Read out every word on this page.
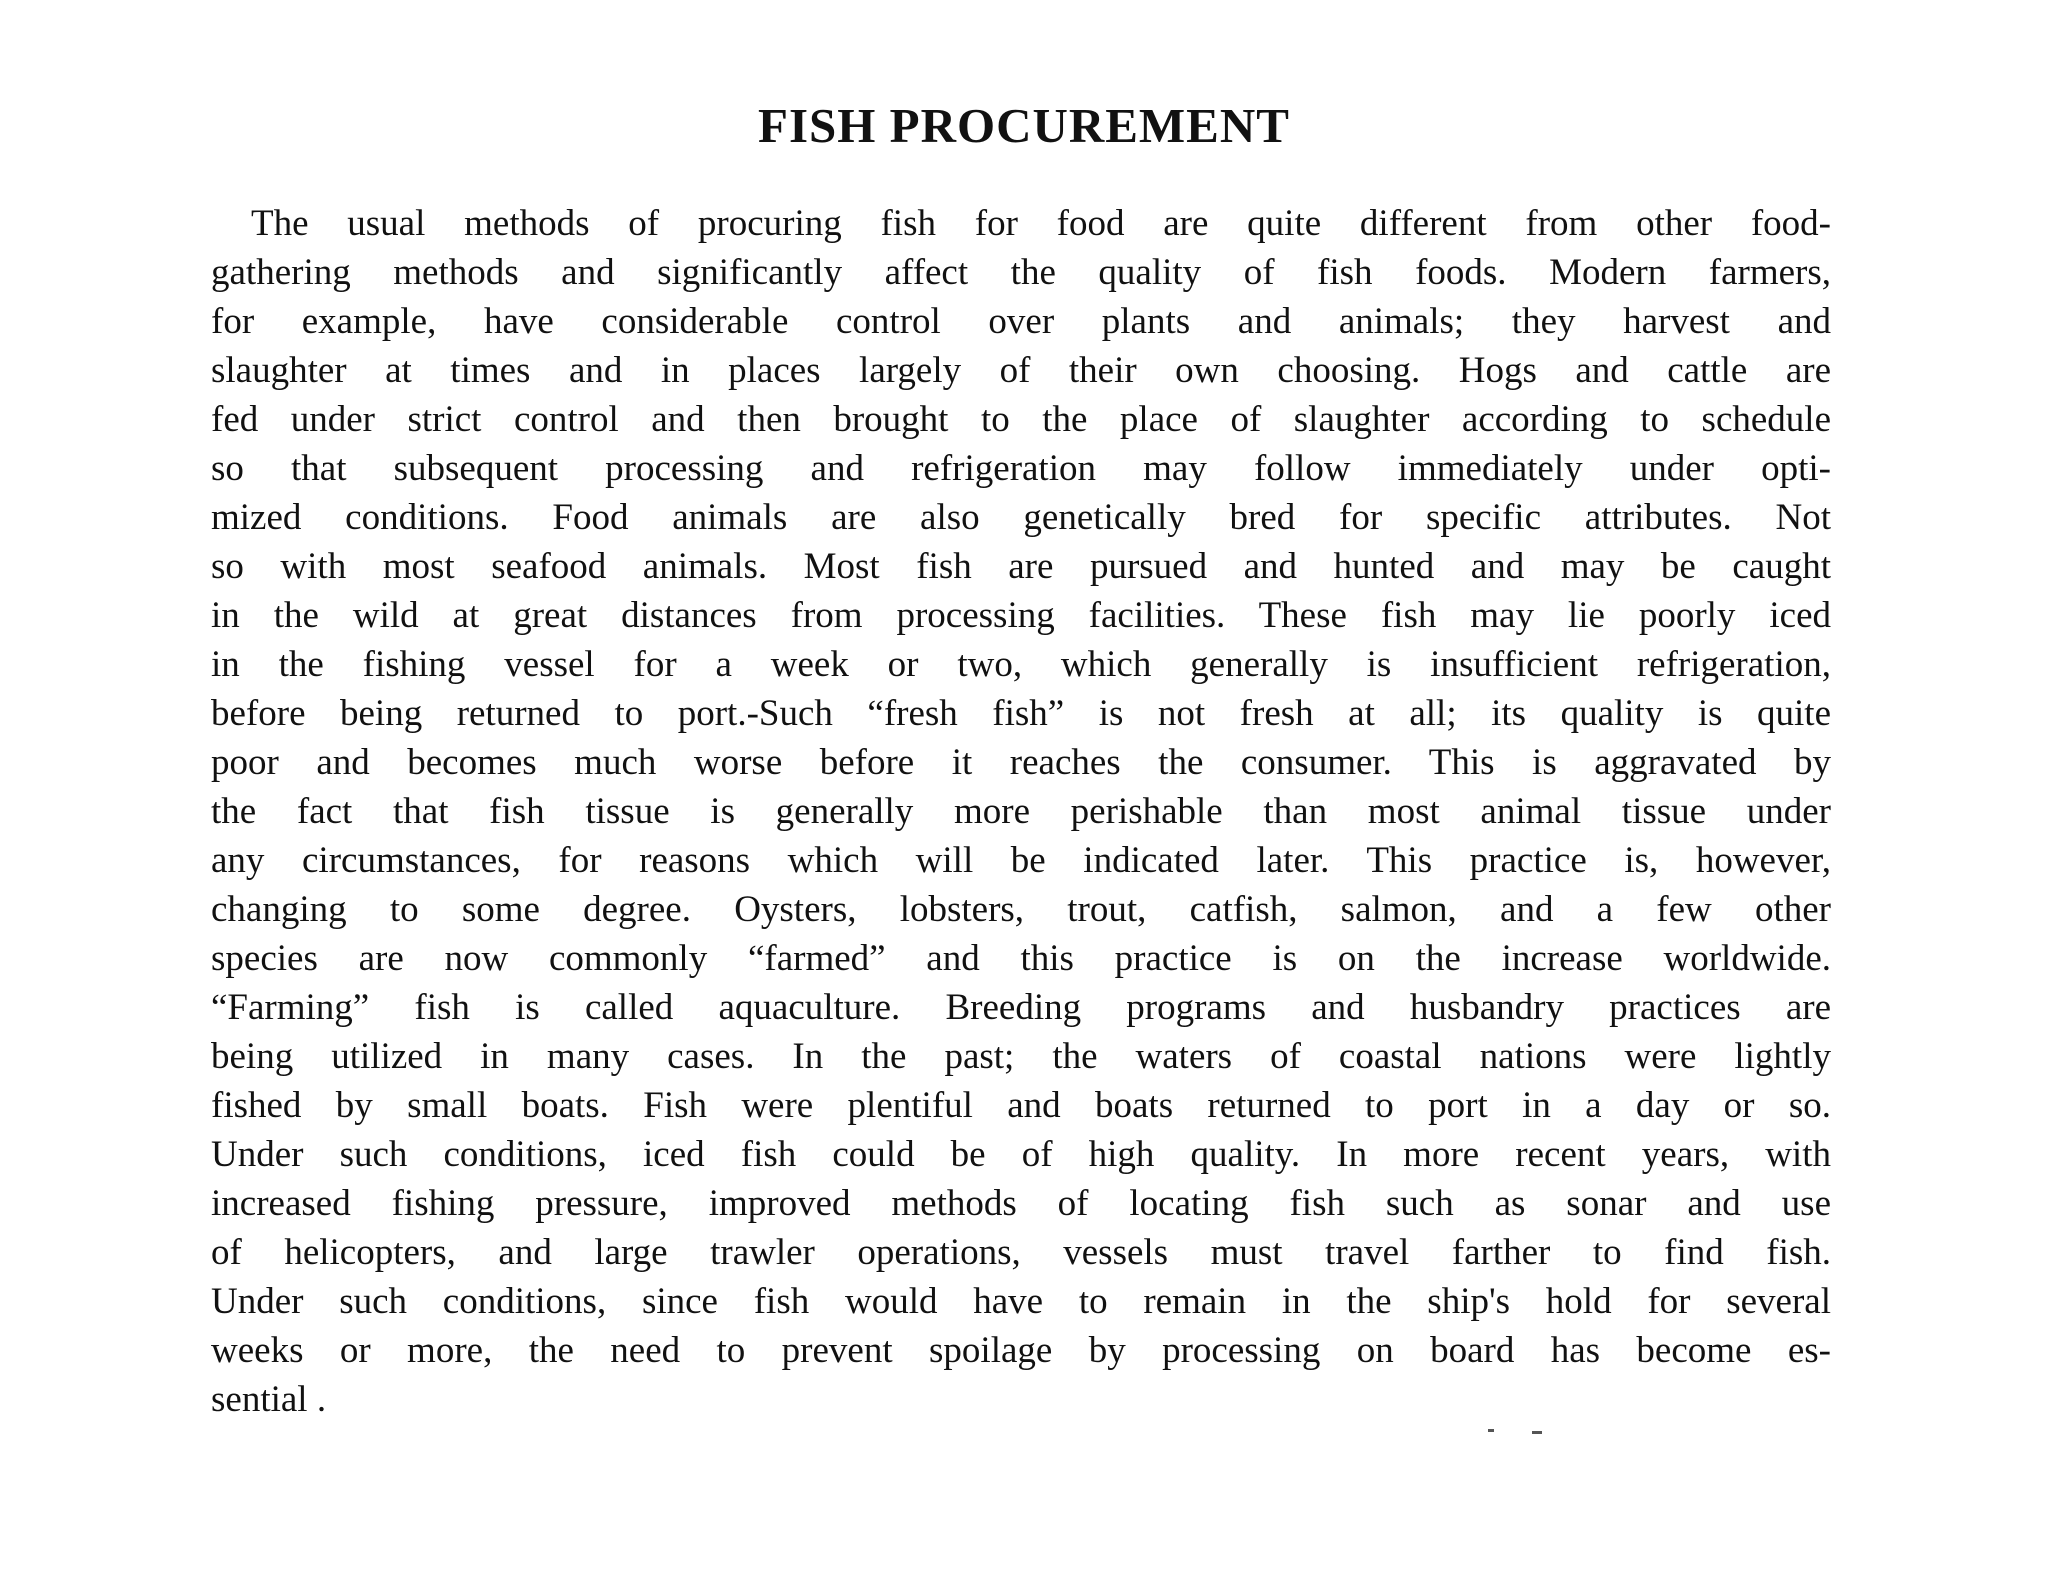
FISH PROCUREMENT
The usual methods of procuring fish for food are quite different from other food-
gathering methods and significantly affect the quality of fish foods. Modern farmers,
for example, have considerable control over plants and animals; they harvest and
slaughter at times and in places largely of their own choosing. Hogs and cattle are
fed under strict control and then brought to the place of slaughter according to schedule
so that subsequent processing and refrigeration may follow immediately under opti-
mized conditions. Food animals are also genetically bred for specific attributes. Not
so with most seafood animals. Most fish are pursued and hunted and may be caught
in the wild at great distances from processing facilities. These fish may lie poorly iced
in the fishing vessel for a week or two, which generally is insufficient refrigeration,
before being returned to port.-Such “fresh fish” is not fresh at all; its quality is quite
poor and becomes much worse before it reaches the consumer. This is aggravated by
the fact that fish tissue is generally more perishable than most animal tissue under
any circumstances, for reasons which will be indicated later. This practice is, however,
changing to some degree. Oysters, lobsters, trout, catfish, salmon, and a few other
species are now commonly “farmed” and this practice is on the increase worldwide.
“Farming” fish is called aquaculture. Breeding programs and husbandry practices are
being utilized in many cases. In the past; the waters of coastal nations were lightly
fished by small boats. Fish were plentiful and boats returned to port in a day or so.
Under such conditions, iced fish could be of high quality. In more recent years, with
increased fishing pressure, improved methods of locating fish such as sonar and use
of helicopters, and large trawler operations, vessels must travel farther to find fish.
Under such conditions, since fish would have to remain in the ship's hold for several
weeks or more, the need to prevent spoilage by processing on board has become es-
sential .
